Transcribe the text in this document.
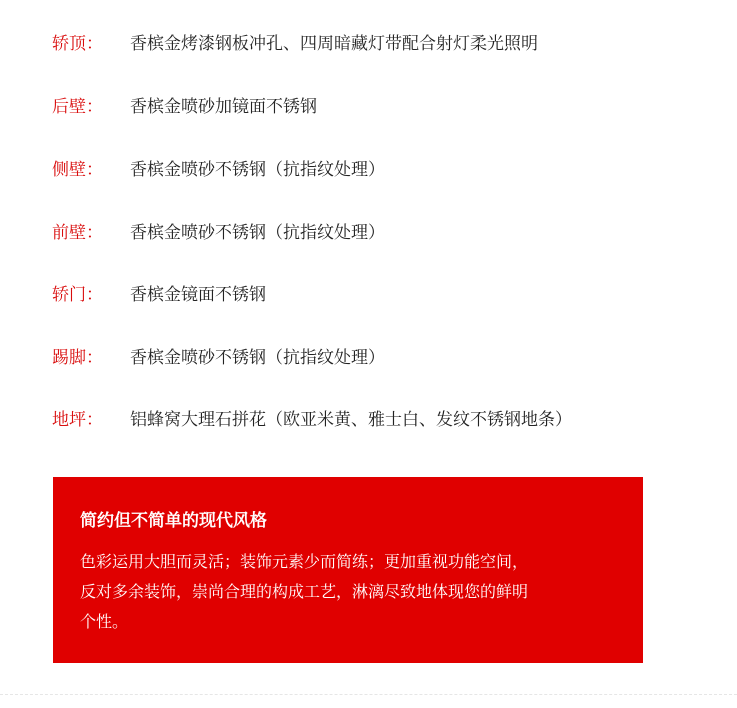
轿顶： 香槟金烤漆钢板冲孔、四周暗藏灯带配合射灯柔光照明
后壁： 香槟金喷砂加镜面不锈钢
侧壁： 香槟金喷砂不锈钢（抗指纹处理）
前壁： 香槟金喷砂不锈钢（抗指纹处理）
轿门： 香槟金镜面不锈钢
踢脚： 香槟金喷砂不锈钢（抗指纹处理）
地坪： 铝蜂窝大理石拼花（欧亚米黄、雅士白、发纹不锈钢地条）
简约但不简单的现代风格
色彩运用大胆而灵活；装饰元素少而简练；更加重视功能空间，
反对多余装饰，崇尚合理的构成工艺，淋漓尽致地体现您的鲜明
个性。
